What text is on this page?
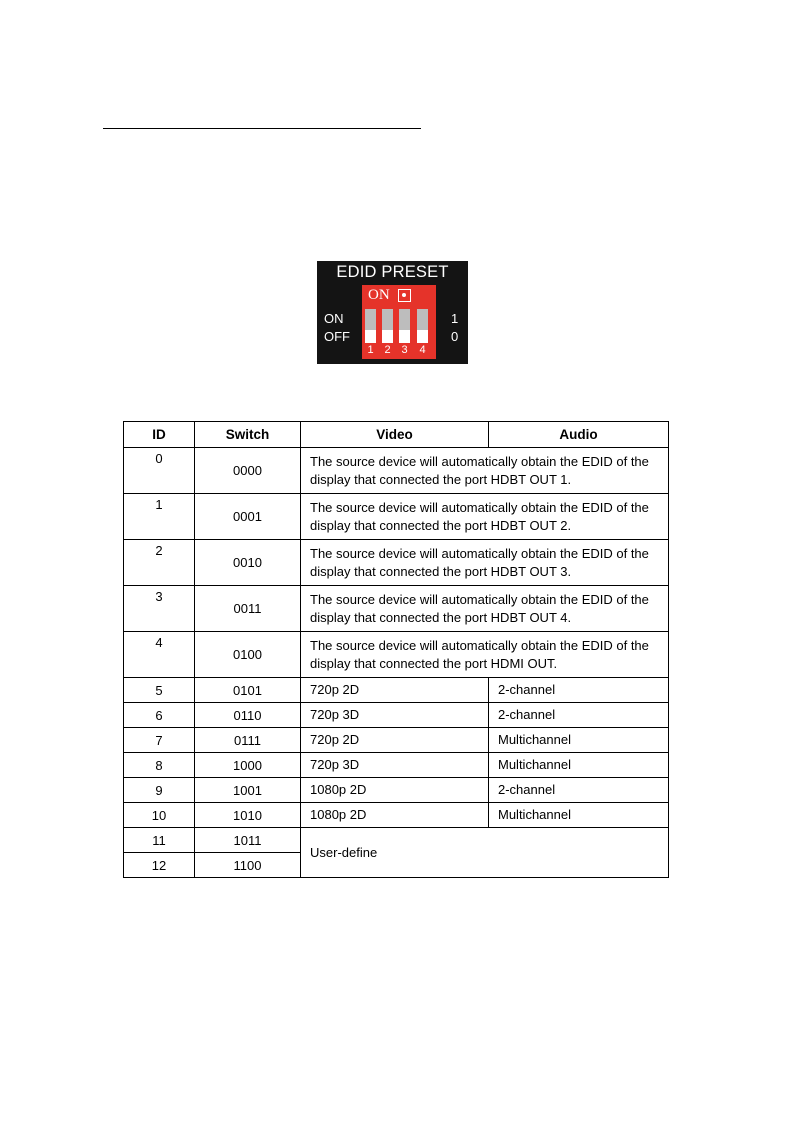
EDID PRESET
ON
OFF
1
0
ON
1 2 3 4
ID	Switch	Video	Audio
0	0000	The source device will automatically obtain the EDID of the display that connected the port HDBT OUT 1.	
1	0001	The source device will automatically obtain the EDID of the display that connected the port HDBT OUT 2.	
2	0010	The source device will automatically obtain the EDID of the display that connected the port HDBT OUT 3.	
3	0011	The source device will automatically obtain the EDID of the display that connected the port HDBT OUT 4.	
4	0100	The source device will automatically obtain the EDID of the display that connected the port HDMI OUT.	
5	0101	720p 2D	2-channel
6	0110	720p 3D	2-channel
7	0111	720p 2D	Multichannel
8	1000	720p 3D	Multichannel
9	1001	1080p 2D	2-channel
10	1010	1080p 2D	Multichannel
11	1011	User-define	
12	1100		
